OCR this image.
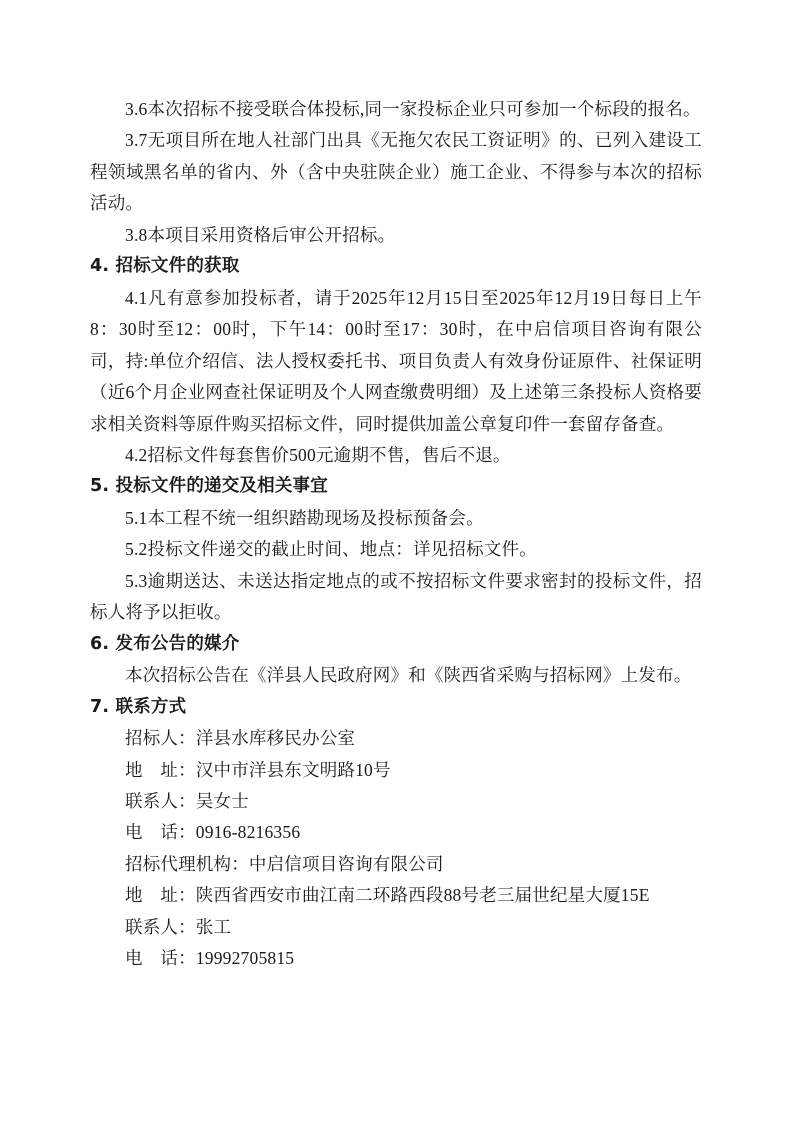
3.6本次招标不接受联合体投标,同一家投标企业只可参加一个标段的报名。

3.7无项目所在地人社部门出具《无拖欠农民工资证明》的、已列入建设工程领域黑名单的省内、外（含中央驻陕企业）施工企业、不得参与本次的招标活动。

3.8本项目采用资格后审公开招标。

4. 招标文件的获取

4.1凡有意参加投标者，请于2025年12月15日至2025年12月19日每日上午8：30时至12：00时，下午14：00时至17：30时，在中启信项目咨询有限公司，持:单位介绍信、法人授权委托书、项目负责人有效身份证原件、社保证明（近6个月企业网查社保证明及个人网查缴费明细）及上述第三条投标人资格要求相关资料等原件购买招标文件，同时提供加盖公章复印件一套留存备查。

4.2招标文件每套售价500元逾期不售，售后不退。

5. 投标文件的递交及相关事宜

5.1本工程不统一组织踏勘现场及投标预备会。

5.2投标文件递交的截止时间、地点：详见招标文件。

5.3逾期送达、未送达指定地点的或不按招标文件要求密封的投标文件，招标人将予以拒收。

6. 发布公告的媒介

本次招标公告在《洋县人民政府网》和《陕西省采购与招标网》上发布。

7. 联系方式

招标人：洋县水库移民办公室

地　址：汉中市洋县东文明路10号

联系人：吴女士

电　话：0916-8216356

招标代理机构：中启信项目咨询有限公司

地　址：陕西省西安市曲江南二环路西段88号老三届世纪星大厦15E

联系人：张工

电　话：19992705815
